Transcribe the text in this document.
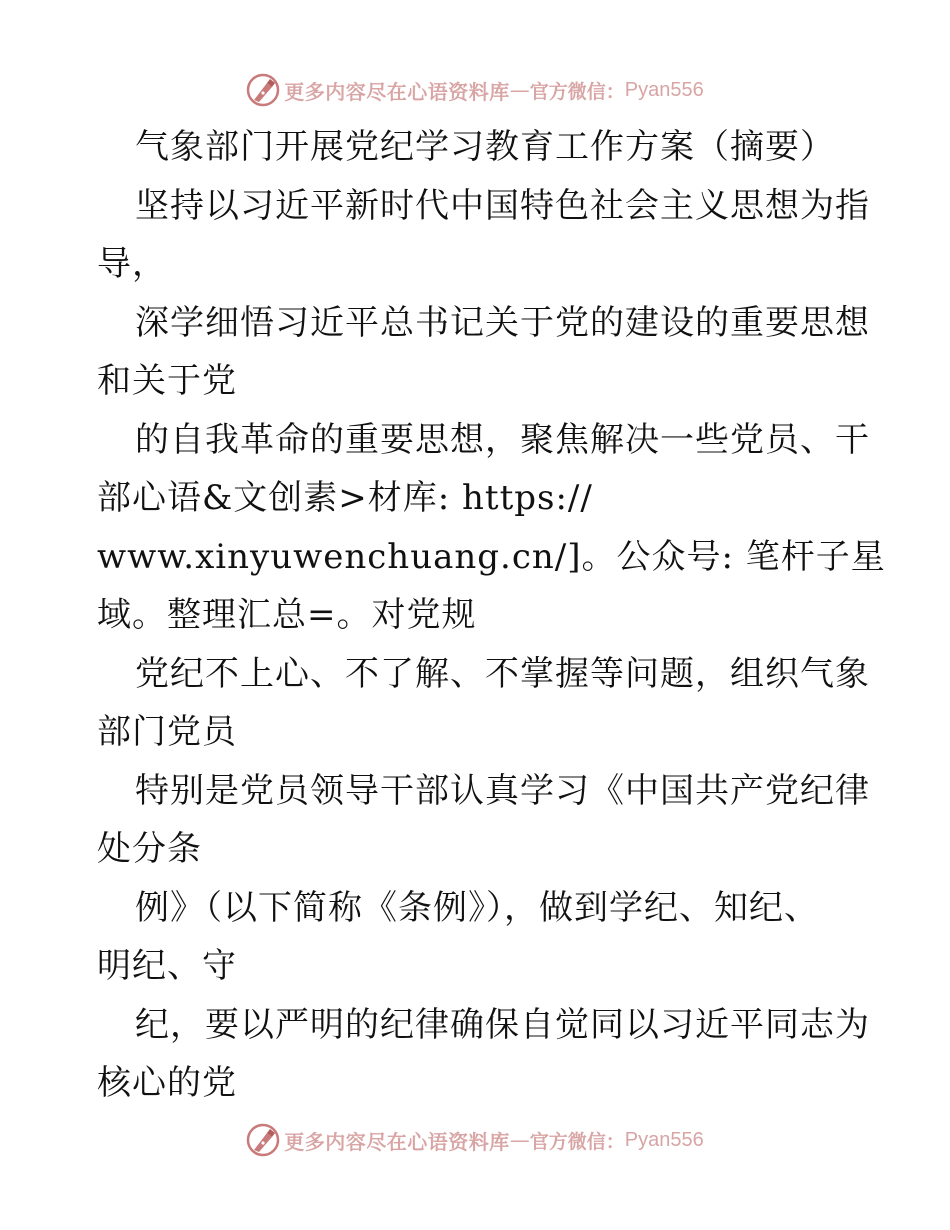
更多内容尽在心语资料库 — 官方微信： Pyan556
气象部门开展党纪学习教育工作方案（摘要）
坚持以习近平新时代中国特色社会主义思想为指
导，
深学细悟习近平总书记关于党的建设的重要思想
和关于党
的自我革命的重要思想，聚焦解决一些党员、干
部心语&文创素>材库: https://
www.xinyuwenchuang.cn/]。公众号: 笔杆子星
域。整理汇总=。对党规
党纪不上心、不了解、不掌握等问题，组织气象
部门党员
特别是党员领导干部认真学习《中国共产党纪律
处分条
例》（以下简称《条例》），做到学纪、知纪、
明纪、守
纪，要以严明的纪律确保自觉同以习近平同志为
核心的党
更多内容尽在心语资料库 — 官方微信： Pyan556
